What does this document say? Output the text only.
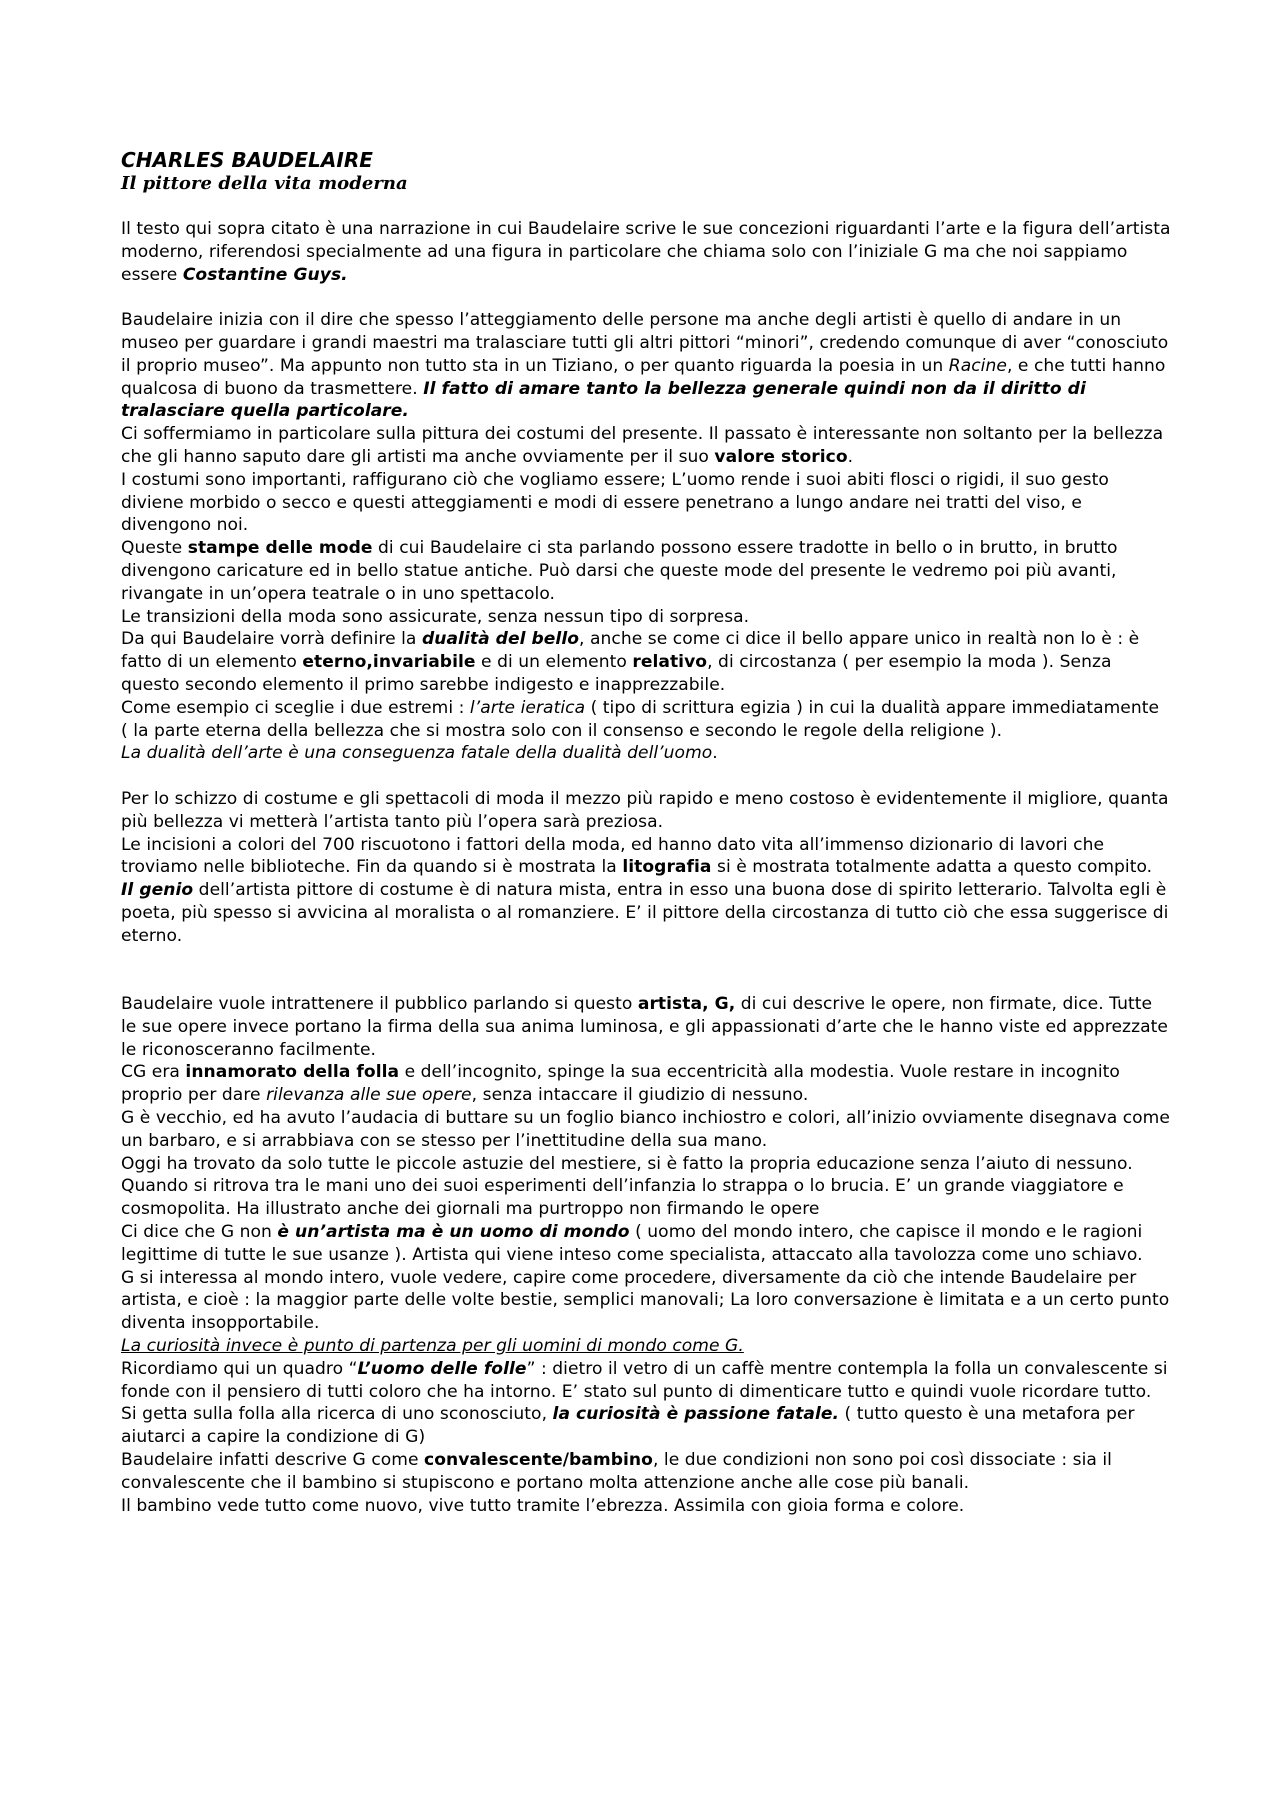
CHARLES BAUDELAIRE
Il pittore della vita moderna

Il testo qui sopra citato è una narrazione in cui Baudelaire scrive le sue concezioni riguardanti l’arte e la figura dell’artista moderno, riferendosi specialmente ad una figura in particolare che chiama solo con l’iniziale G ma che noi sappiamo essere Costantine Guys.

Baudelaire inizia con il dire che spesso l’atteggiamento delle persone ma anche degli artisti è quello di andare in un museo per guardare i grandi maestri ma tralasciare tutti gli altri pittori “minori”, credendo comunque di aver “conosciuto il proprio museo”. Ma appunto non tutto sta in un Tiziano, o per quanto riguarda la poesia in un Racine, e che tutti hanno qualcosa di buono da trasmettere. Il fatto di amare tanto la bellezza generale quindi non da il diritto di tralasciare quella particolare.

Ci soffermiamo in particolare sulla pittura dei costumi del presente. Il passato è interessante non soltanto per la bellezza che gli hanno saputo dare gli artisti ma anche ovviamente per il suo valore storico.

I costumi sono importanti, raffigurano ciò che vogliamo essere; L’uomo rende i suoi abiti flosci o rigidi, il suo gesto diviene morbido o secco e questi atteggiamenti e modi di essere penetrano a lungo andare nei tratti del viso, e divengono noi.

Queste stampe delle mode di cui Baudelaire ci sta parlando possono essere tradotte in bello o in brutto, in brutto divengono caricature ed in bello statue antiche. Può darsi che queste mode del presente le vedremo poi più avanti, rivangate in un’opera teatrale o in uno spettacolo.

Le transizioni della moda sono assicurate, senza nessun tipo di sorpresa.

Da qui Baudelaire vorrà definire la dualità del bello, anche se come ci dice il bello appare unico in realtà non lo è : è fatto di un elemento eterno,invariabile e di un elemento relativo, di circostanza ( per esempio la moda ). Senza questo secondo elemento il primo sarebbe indigesto e inapprezzabile.

Come esempio ci sceglie i due estremi : l’arte ieratica ( tipo di scrittura egizia ) in cui la dualità appare immediatamente ( la parte eterna della bellezza che si mostra solo con il consenso e secondo le regole della religione ).

La dualità dell’arte è una conseguenza fatale della dualità dell’uomo.

Per lo schizzo di costume e gli spettacoli di moda il mezzo più rapido e meno costoso è evidentemente il migliore, quanta più bellezza vi metterà l’artista tanto più l’opera sarà preziosa.

Le incisioni a colori del 700 riscuotono i fattori della moda, ed hanno dato vita all’immenso dizionario di lavori che troviamo nelle biblioteche. Fin da quando si è mostrata la litografia si è mostrata totalmente adatta a questo compito.

Il genio dell’artista pittore di costume è di natura mista, entra in esso una buona dose di spirito letterario. Talvolta egli è poeta, più spesso si avvicina al moralista o al romanziere. E’ il pittore della circostanza di tutto ciò che essa suggerisce di eterno.

Baudelaire vuole intrattenere il pubblico parlando si questo artista, G, di cui descrive le opere, non firmate, dice. Tutte le sue opere invece portano la firma della sua anima luminosa, e gli appassionati d’arte che le hanno viste ed apprezzate le riconosceranno facilmente.

CG era innamorato della folla e dell’incognito, spinge la sua eccentricità alla modestia. Vuole restare in incognito proprio per dare rilevanza alle sue opere, senza intaccare il giudizio di nessuno.

G è vecchio, ed ha avuto l’audacia di buttare su un foglio bianco inchiostro e colori, all’inizio ovviamente disegnava come un barbaro, e si arrabbiava con se stesso per l’inettitudine della sua mano.

Oggi ha trovato da solo tutte le piccole astuzie del mestiere, si è fatto la propria educazione senza l’aiuto di nessuno.

Quando si ritrova tra le mani uno dei suoi esperimenti dell’infanzia lo strappa o lo brucia. E’ un grande viaggiatore e cosmopolita. Ha illustrato anche dei giornali ma purtroppo non firmando le opere

Ci dice che G non è un’artista ma è un uomo di mondo ( uomo del mondo intero, che capisce il mondo e le ragioni legittime di tutte le sue usanze ). Artista qui viene inteso come specialista, attaccato alla tavolozza come uno schiavo.

G si interessa al mondo intero, vuole vedere, capire come procedere, diversamente da ciò che intende Baudelaire per artista, e cioè : la maggior parte delle volte bestie, semplici manovali; La loro conversazione è limitata e a un certo punto diventa insopportabile.

La curiosità invece è punto di partenza per gli uomini di mondo come G.

Ricordiamo qui un quadro “L’uomo delle folle” : dietro il vetro di un caffè mentre contempla la folla un convalescente si fonde con il pensiero di tutti coloro che ha intorno. E’ stato sul punto di dimenticare tutto e quindi vuole ricordare tutto.

Si getta sulla folla alla ricerca di uno sconosciuto, la curiosità è passione fatale. ( tutto questo è una metafora per aiutarci a capire la condizione di G)

Baudelaire infatti descrive G come convalescente/bambino, le due condizioni non sono poi così dissociate : sia il convalescente che il bambino si stupiscono e portano molta attenzione anche alle cose più banali.

Il bambino vede tutto come nuovo, vive tutto tramite l’ebrezza. Assimila con gioia forma e colore.
